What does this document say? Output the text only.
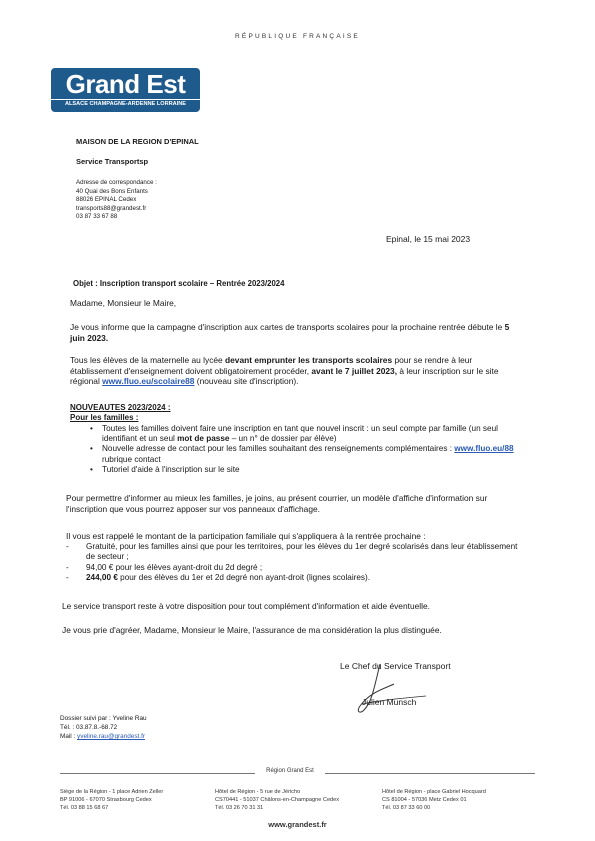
RÉPUBLIQUE FRANÇAISE
Grand Est
ALSACE CHAMPAGNE-ARDENNE LORRAINE
MAISON DE LA REGION D'EPINAL
Service Transportsp
Adresse de correspondance :
40 Quai des Bons Enfants
88026 EPINAL Cedex
transports88@grandest.fr
03 87 33 67 88
Epinal, le 15 mai 2023
Objet : Inscription transport scolaire – Rentrée 2023/2024
Madame, Monsieur le Maire,
Je vous informe que la campagne d'inscription aux cartes de transports scolaires pour la prochaine rentrée débute le 5 juin 2023.
Tous les élèves de la maternelle au lycée devant emprunter les transports scolaires pour se rendre à leur établissement d'enseignement doivent obligatoirement procéder, avant le 7 juillet 2023, à leur inscription sur le site régional www.fluo.eu/scolaire88 (nouveau site d'inscription).
NOUVEAUTES 2023/2024 :
Pour les familles :
• Toutes les familles doivent faire une inscription en tant que nouvel inscrit : un seul compte par famille (un seul identifiant et un seul mot de passe – un n° de dossier par élève)
• Nouvelle adresse de contact pour les familles souhaitant des renseignements complémentaires : www.fluo.eu/88 rubrique contact
• Tutoriel d'aide à l'inscription sur le site
Pour permettre d'informer au mieux les familles, je joins, au présent courrier, un modèle d'affiche d'information sur l'inscription que vous pourrez apposer sur vos panneaux d'affichage.
Il vous est rappelé le montant de la participation familiale qui s'appliquera à la rentrée prochaine :
- Gratuité, pour les familles ainsi que pour les territoires, pour les élèves du 1er degré scolarisés dans leur établissement de secteur ;
- 94,00 € pour les élèves ayant-droit du 2d degré ;
- 244,00 € pour des élèves du 1er et 2d degré non ayant-droit (lignes scolaires).
Le service transport reste à votre disposition pour tout complément d'information et aide éventuelle.
Je vous prie d'agréer, Madame, Monsieur le Maire, l'assurance de ma considération la plus distinguée.
Le Chef du Service Transport
Julien Munsch
Dossier suivi par : Yveline Rau
Tél. : 03.87.8.-68.72
Mail : yveline.rau@grandest.fr
Région Grand Est
Siège de la Région - 1 place Adrien Zeller
BP 91006 - 67070 Strasbourg Cedex
Tél. 03 88 15 68 67
Hôtel de Région - 5 rue de Jéricho
CS70441 - 51037 Châlons-en-Champagne Cedex
Tél. 03 26 70 31 31
Hôtel de Région - place Gabriel Hocquard
CS 81004 - 57036 Metz Cedex 01
Tél. 03 87 33 60 00
www.grandest.fr
